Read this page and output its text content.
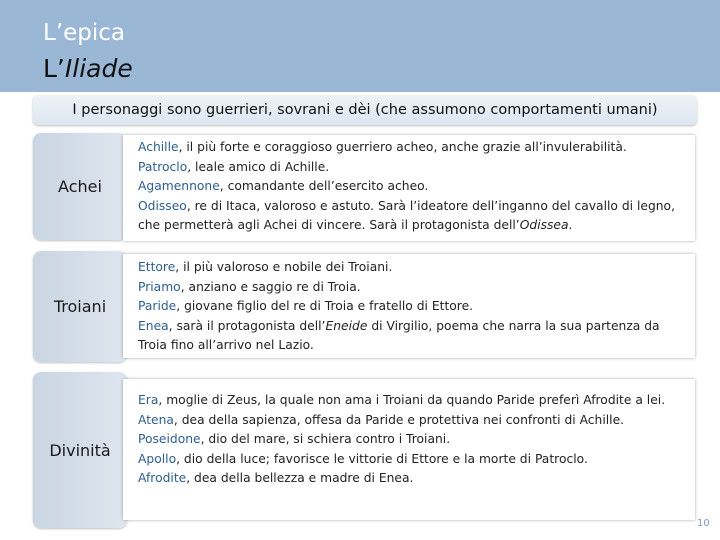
L’epica
L’Iliade
I personaggi sono guerrieri, sovrani e dèi (che assumono comportamenti umani)
Achei
Achille, il più forte e coraggioso guerriero acheo, anche grazie all’invulerabilità.
Patroclo, leale amico di Achille.
Agamennone, comandante dell’esercito acheo.
Odisseo, re di Itaca, valoroso e astuto. Sarà l’ideatore dell’inganno del cavallo di legno, che permetterà agli Achei di vincere. Sarà il protagonista dell’Odissea.
Troiani
Ettore, il più valoroso e nobile dei Troiani.
Priamo, anziano e saggio re di Troia.
Paride, giovane figlio del re di Troia e fratello di Ettore.
Enea, sarà il protagonista dell’Eneide di Virgilio, poema che narra la sua partenza da Troia fino all’arrivo nel Lazio.
Divinità
Era, moglie di Zeus, la quale non ama i Troiani da quando Paride preferì Afrodite a lei.
Atena, dea della sapienza, offesa da Paride e protettiva nei confronti di Achille.
Poseidone, dio del mare, si schiera contro i Troiani.
Apollo, dio della luce; favorisce le vittorie di Ettore e la morte di Patroclo.
Afrodite, dea della bellezza e madre di Enea.
10
